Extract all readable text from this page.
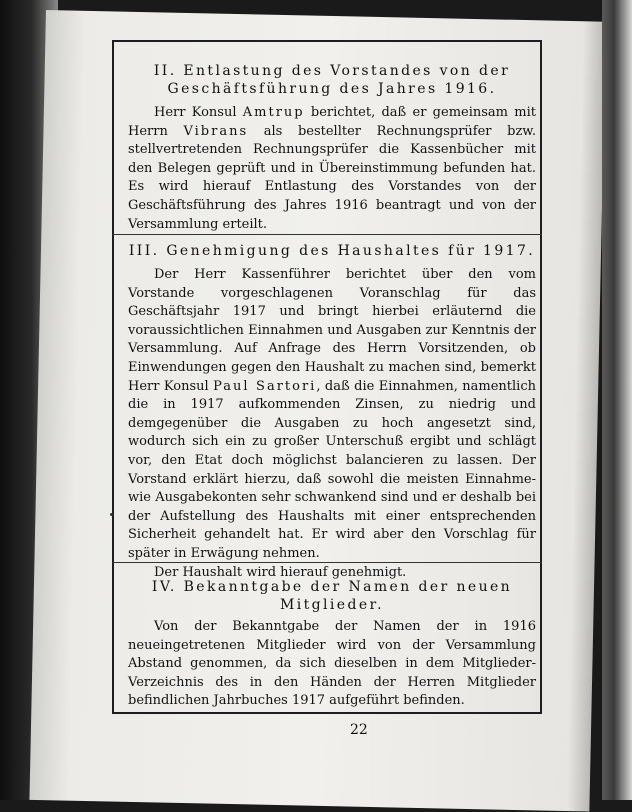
II. Entlastung des Vorstandes von der

Geschäftsführung des Jahres 1916.

Herr Konsul Amtrup berichtet, daß er gemeinsam mit Herrn Vibrans als bestellter Rechnungsprüfer bzw. stellvertretenden Rechnungsprüfer die Kassenbücher mit den Belegen geprüft und in Übereinstimmung befunden hat. Es wird hierauf Entlastung des Vorstandes von der Geschäftsführung des Jahres 1916 beantragt und von der Versammlung erteilt.

III. Genehmigung des Haushaltes für 1917.

Der Herr Kassenführer berichtet über den vom Vorstande vorgeschlagenen Voranschlag für das Geschäftsjahr 1917 und bringt hierbei erläuternd die voraussichtlichen Einnahmen und Ausgaben zur Kenntnis der Versammlung. Auf Anfrage des Herrn Vorsitzenden, ob Einwendungen gegen den Haushalt zu machen sind, bemerkt Herr Konsul Paul Sartori, daß die Einnahmen, namentlich die in 1917 aufkommenden Zinsen, zu niedrig und demgegenüber die Ausgaben zu hoch angesetzt sind, wodurch sich ein zu großer Unterschuß ergibt und schlägt vor, den Etat doch möglichst balancieren zu lassen. Der Vorstand erklärt hierzu, daß sowohl die meisten Einnahme- wie Ausgabekonten sehr schwankend sind und er deshalb bei der Aufstellung des Haushalts mit einer entsprechenden Sicherheit gehandelt hat. Er wird aber den Vorschlag für später in Erwägung nehmen.

Der Haushalt wird hierauf genehmigt.

IV. Bekanntgabe der Namen der neuen

Mitglieder.

Von der Bekanntgabe der Namen der in 1916 neueingetretenen Mitglieder wird von der Versammlung Abstand genommen, da sich dieselben in dem Mitglieder-Verzeichnis des in den Händen der Herren Mitglieder befindlichen Jahrbuches 1917 aufgeführt befinden.

22
